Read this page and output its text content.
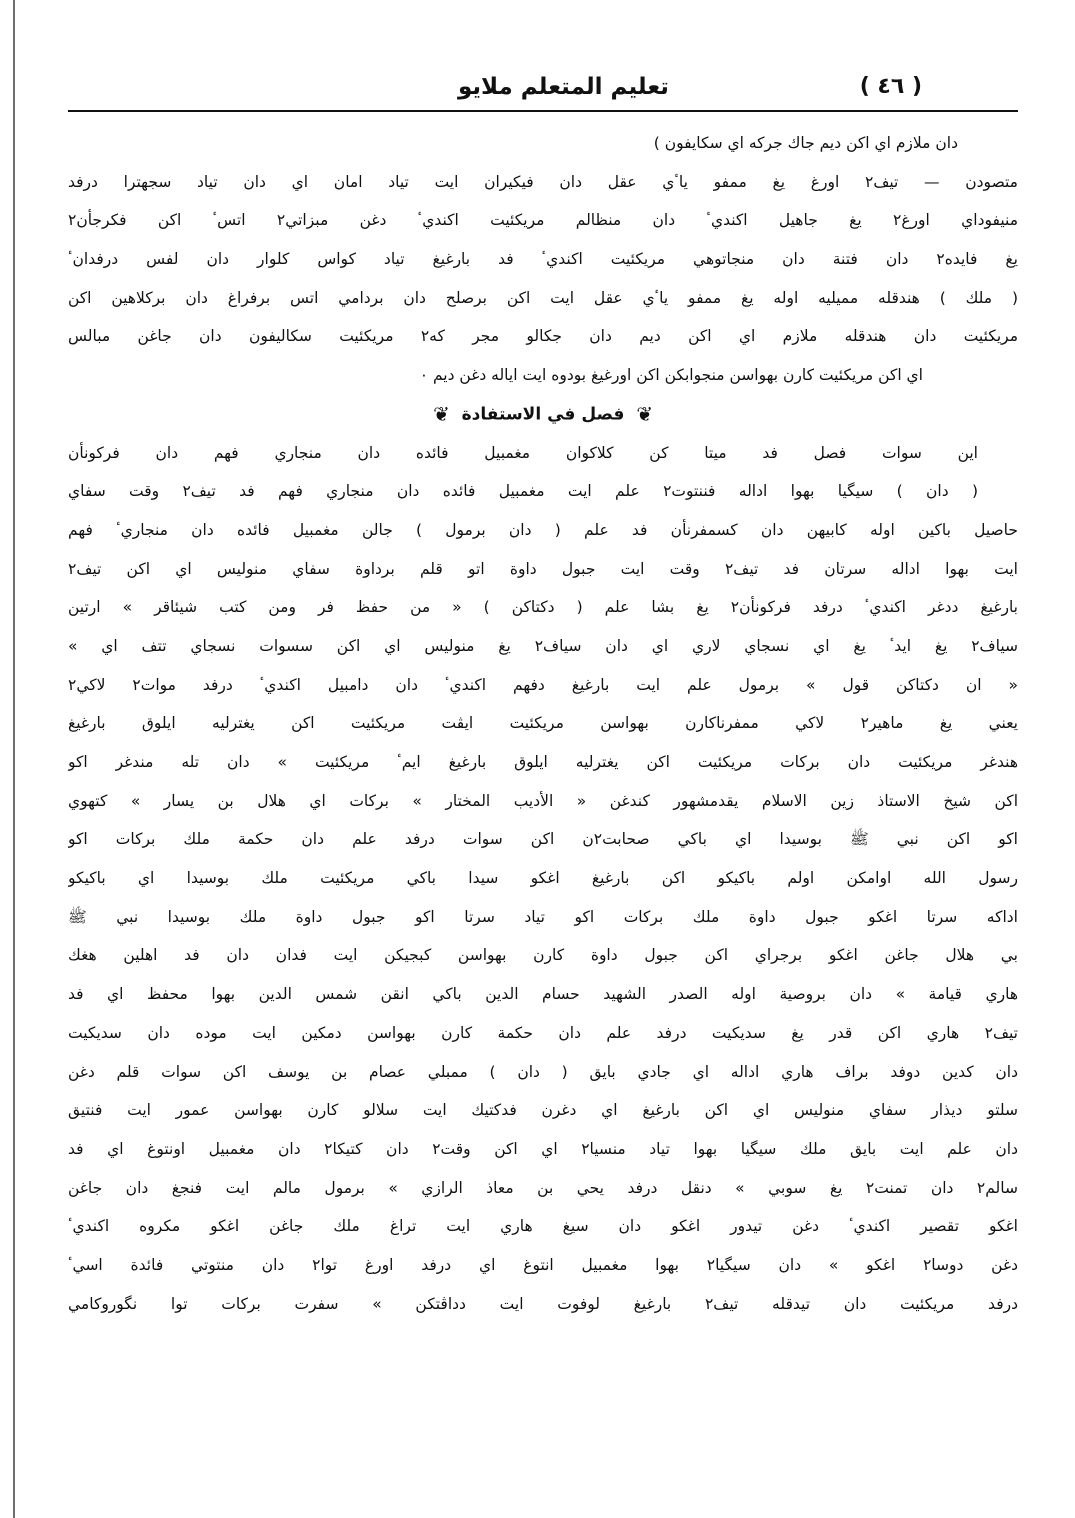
( ٤٦ )
تعليم المتعلم ملايو
دان ملازم اي اكن ديم جاك جركه اي سكايفون )
متصودن — تيف٢ اورغ يغ ممفو ياٴي عقل دان فيكيران ايت تياد امان اي دان تياد سجهترا درفد
منيفوداي اورغ٢ يغ جاهيل اكنديٴ دان منظالم مريكئيت اكنديٴ دغن مبزاتي٢ اتسٴ اكن فكرجأن٢
يغ فايده٢ دان فتنة دان منجاتوهي مريكئيت اكنديٴ فد بارغيغ تياد كواس كلوار دان لفس درفدانٴ
( ملك ) هندقله مميليه اوله يغ ممفو ياٴي عقل ايت اكن برصلح دان بردامي اتس برفراغ دان بركلاهين اكن
مريكئيت دان هندقله ملازم اي اكن ديم دان جكالو مجر كه٢ مريكئيت سكاليفون دان جاغن مبالس
اي اكن مريكئيت كارن بهواسن منجوابكن اكن اورغيغ بودوه ايت اياله دغن ديم ٠
❦ فصل في الاستفادة ❦
اين سوات فصل فد ميتا كن كلاكوان مغمبيل فائده دان منجاري فهم دان فركونأن
( دان ) سيگيا بهوا اداله فننتوت٢ علم ايت مغمبيل فائده دان منجاري فهم فد تيف٢ وقت سفاي
حاصيل باكين اوله كابيهن دان كسمفرنأن فد علم ( دان برمول ) جالن مغمبيل فائده دان منجاريٴ فهم
ايت بهوا اداله سرتان فد تيف٢ وقت ايت جبول داوة اتو قلم برداوة سفاي منوليس اي اكن تيف٢
بارغيغ ددغر اكنديٴ درفد فركونأن٢ يغ بشا علم ( دكتاكن ) « من حفظ فر ومن كتب شيئاقر » ارتين
سياف٢ يغ ايدٴ يغ اي نسجاي لاري اي دان سياف٢ يغ منوليس اي اكن سسوات نسجاي تتف اي »
« ان دكتاكن قول » برمول علم ايت بارغيغ دفهم اكنديٴ دان دامبيل اكنديٴ درفد موات٢ لاكي٢
يعني يغ ماهير٢ لاكي ممفرناكارن بهواسن مريكئيت ايڤت مريكئيت اكن يغترليه ايلوق بارغيغ
هندغر مريكئيت دان بركات مريكئيت اكن يغترليه ايلوق بارغيغ ايمٴ مريكئيت » دان تله مندغر اكو
اكن شيخ الاستاذ زين الاسلام يقدمشهور كندغن « الأديب المختار » بركات اي هلال بن يسار » كتهوي
اكو اكن نبي ﷺ بوسيدا اي باكي صحابت٢ن اكن سوات درفد علم دان حكمة ملك بركات اكو
رسول الله اوامكن اولم باكيكو اكن بارغيغ اغكو سيدا باكي مريكئيت ملك بوسيدا اي باكيكو
اداكه سرتا اغكو جبول داوة ملك بركات اكو تياد سرتا اكو جبول داوة ملك بوسيدا نبي ﷺ
بي هلال جاغن اغكو برجراي اكن جبول داوة كارن بهواسن كبجيكن ايت فدان دان فد اهلين هغك
هاري قيامة » دان بروصية اوله الصدر الشهيد حسام الدين باكي انقن شمس الدين بهوا محفظ اي فد
تيف٢ هاري اكن قدر يغ سديكيت درفد علم دان حكمة كارن بهواسن دمكين ايت موده دان سديكيت
دان كدين دوفد براف هاري اداله اي جادي بايق ( دان ) ممبلي عصام بن يوسف اكن سوات قلم دغن
سلتو ديذار سفاي منوليس اي اكن بارغيغ اي دغرن فدكتيك ايت سلالو كارن بهواسن عمور ايت فنتيق
دان علم ايت بايق ملك سيگيا بهوا تياد منسيا٢ اي اكن وقت٢ دان كتيكا٢ دان مغمبيل اونتوغ اي فد
سالم٢ دان تمنت٢ يغ سوبي » دنقل درفد يحي بن معاذ الرازي » برمول مالم ايت فنجغ دان جاغن
اغكو تقصير اكنديٴ دغن تيدور اغكو دان سيغ هاري ايت تراغ ملك جاغن اغكو مكروه اكنديٴ
دغن دوسا٢ اغكو » دان سيگيا٢ بهوا مغمبيل انتوغ اي درفد اورغ توا٢ دان منتوتي فائدة اسيٴ
درفد مريكئيت دان تيدقله تيف٢ بارغيغ لوفوت ايت دداڤتكن » سفرت بركات توا نگوروكامي
